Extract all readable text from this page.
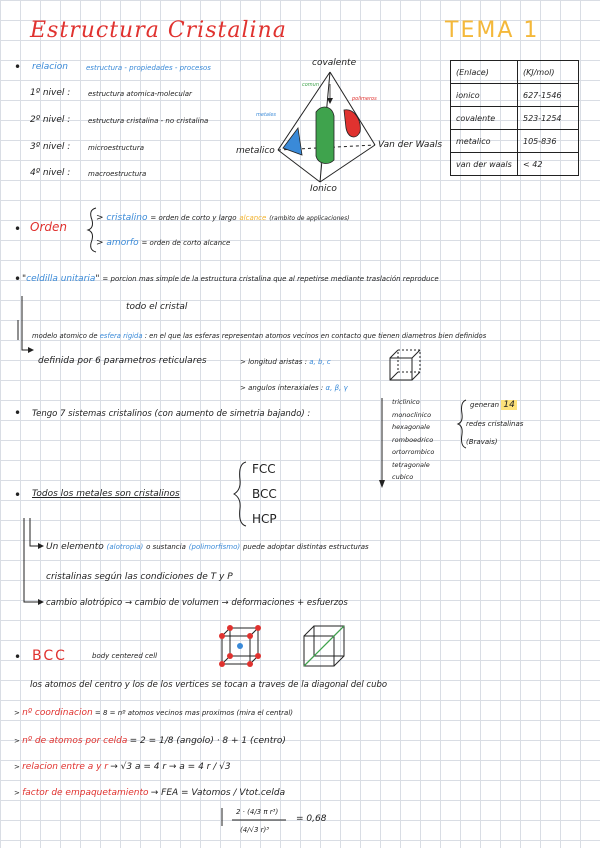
Estructura Cristalina	TEMA 1
• relacion	estructura - propiedades - procesos
1º nivel :	estructura atomica-molecular
2º nivel :	estructura cristalina - no cristalina
3º nivel :	microestructura
4º nivel :	macroestructura
covalente
metalico
Van der Waals
Ionico
comun
metales
polimeros
(Enlace)	(KJ/mol)
ionico	627-1546
covalente	523-1254
metalico	105-836
van der waals	< 42
• Orden
> cristalino = orden de corto y largo alcance (rambito de applicaciones)
> amorfo = orden de corto alcance
• "celdilla unitaria" = porcion mas simple de la estructura cristalina que al repetirse mediante traslación reproduce
todo el cristal
modelo atomico de esfera rigida : en el que las esferas representan atomos vecinos en contacto que tienen diametros bien definidos
definida por 6 parametros reticulares	> longitud aristas : a, b, c
> angulos interaxiales : α, β, γ
• Tengo 7 sistemas cristalinos (con aumento de simetria bajando) :
triclinico
monoclinico
hexagonale
romboedrico
ortorrombico
tetragonale
cubico
generan 14
redes cristalinas
(Bravais)
• Todos los metales son cristalinos
FCC
BCC
HCP
Un elemento (alotropia) o sustancia (polimorfismo) puede adoptar distintas estructuras
cristalinas según las condiciones de T y P
cambio alotrópico → cambio de volumen → deformaciones + esfuerzos
• BCC	body centered cell
los atomos del centro y los de los vertices se tocan a traves de la diagonal del cubo
> nº coordinacion = 8 = nº atomos vecinos mas proximos (mira el central)
> nº de atomos por celda = 2 = 1/8 (angolo) · 8 + 1 (centro)
> relacion entre a y r → √3 a = 4 r → a = 4 r / √3
> factor de empaquetamiento → FEA = Vatomos / Vtot.celda
2 · (4/3 π r³)
(4/√3 r)³
= 0,68
